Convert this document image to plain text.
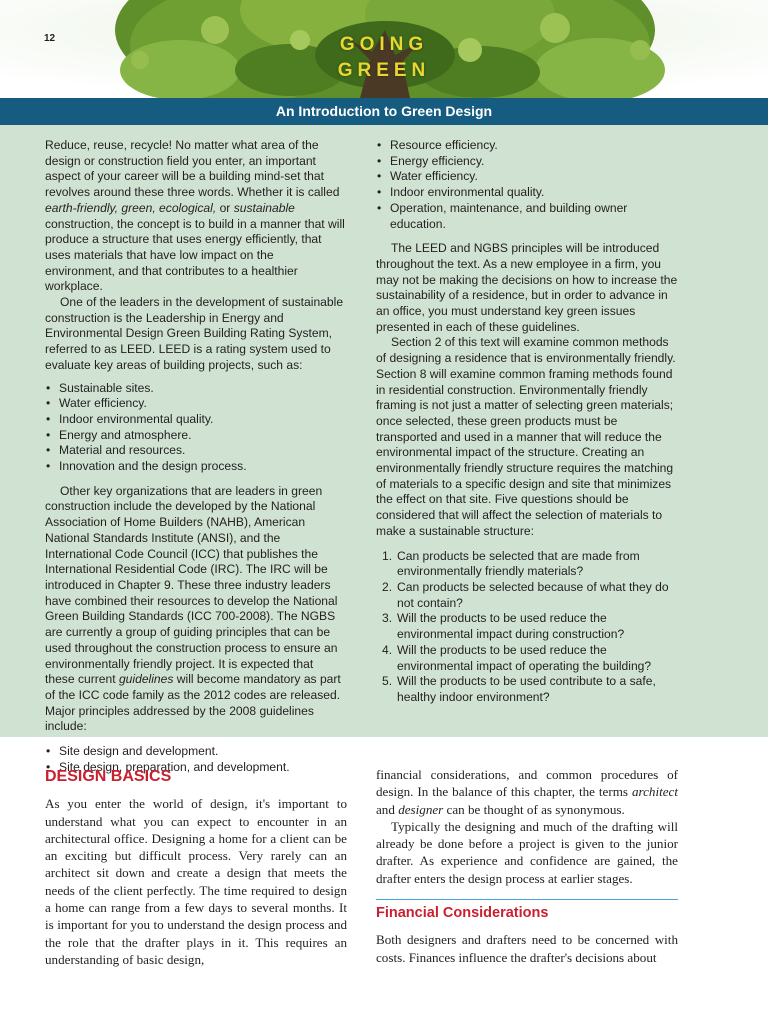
12	GOING
GREEN
An Introduction to Green Design

Reduce, reuse, recycle! No matter what area of the design or construction field you enter, an important aspect of your career will be a building mind-set that revolves around these three words. Whether it is called earth-friendly, green, ecological, or sustainable construction, the concept is to build in a manner that will produce a structure that uses energy efficiently, that uses materials that have low impact on the environment, and that contributes to a healthier workplace.

One of the leaders in the development of sustainable construction is the Leadership in Energy and Environmental Design Green Building Rating System, referred to as LEED. LEED is a rating system used to evaluate key areas of building projects, such as:

• Sustainable sites.
• Water efficiency.
• Indoor environmental quality.
• Energy and atmosphere.
• Material and resources.
• Innovation and the design process.

Other key organizations that are leaders in green construction include the developed by the National Association of Home Builders (NAHB), American National Standards Institute (ANSI), and the International Code Council (ICC) that publishes the International Residential Code (IRC). The IRC will be introduced in Chapter 9. These three industry leaders have combined their resources to develop the National Green Building Standards (ICC 700-2008). The NGBS are currently a group of guiding principles that can be used throughout the construction process to ensure an environmentally friendly project. It is expected that these current guidelines will become mandatory as part of the ICC code family as the 2012 codes are released. Major principles addressed by the 2008 guidelines include:

• Site design and development.
• Site design, preparation, and development.
• Resource efficiency.
• Energy efficiency.
• Water efficiency.
• Indoor environmental quality.
• Operation, maintenance, and building owner education.

The LEED and NGBS principles will be introduced throughout the text. As a new employee in a firm, you may not be making the decisions on how to increase the sustainability of a residence, but in order to advance in an office, you must understand key green issues presented in each of these guidelines.

Section 2 of this text will examine common methods of designing a residence that is environmentally friendly. Section 8 will examine common framing methods found in residential construction. Environmentally friendly framing is not just a matter of selecting green materials; once selected, these green products must be transported and used in a manner that will reduce the environmental impact of the structure. Creating an environmentally friendly structure requires the matching of materials to a specific design and site that minimizes the effect on that site. Five questions should be considered that will affect the selection of materials to make a sustainable structure:

1. Can products be selected that are made from environmentally friendly materials?
2. Can products be selected because of what they do not contain?
3. Will the products to be used reduce the environmental impact during construction?
4. Will the products to be used reduce the environmental impact of operating the building?
5. Will the products to be used contribute to a safe, healthy indoor environment?

DESIGN BASICS

As you enter the world of design, it's important to understand what you can expect to encounter in an architectural office. Designing a home for a client can be an exciting but difficult process. Very rarely can an architect sit down and create a design that meets the needs of the client perfectly. The time required to design a home can range from a few days to several months. It is important for you to understand the design process and the role that the drafter plays in it. This requires an understanding of basic design,

financial considerations, and common procedures of design. In the balance of this chapter, the terms architect and designer can be thought of as synonymous.

Typically the designing and much of the drafting will already be done before a project is given to the junior drafter. As experience and confidence are gained, the drafter enters the design process at earlier stages.

Financial Considerations

Both designers and drafters need to be concerned with costs. Finances influence the drafter's decisions about
